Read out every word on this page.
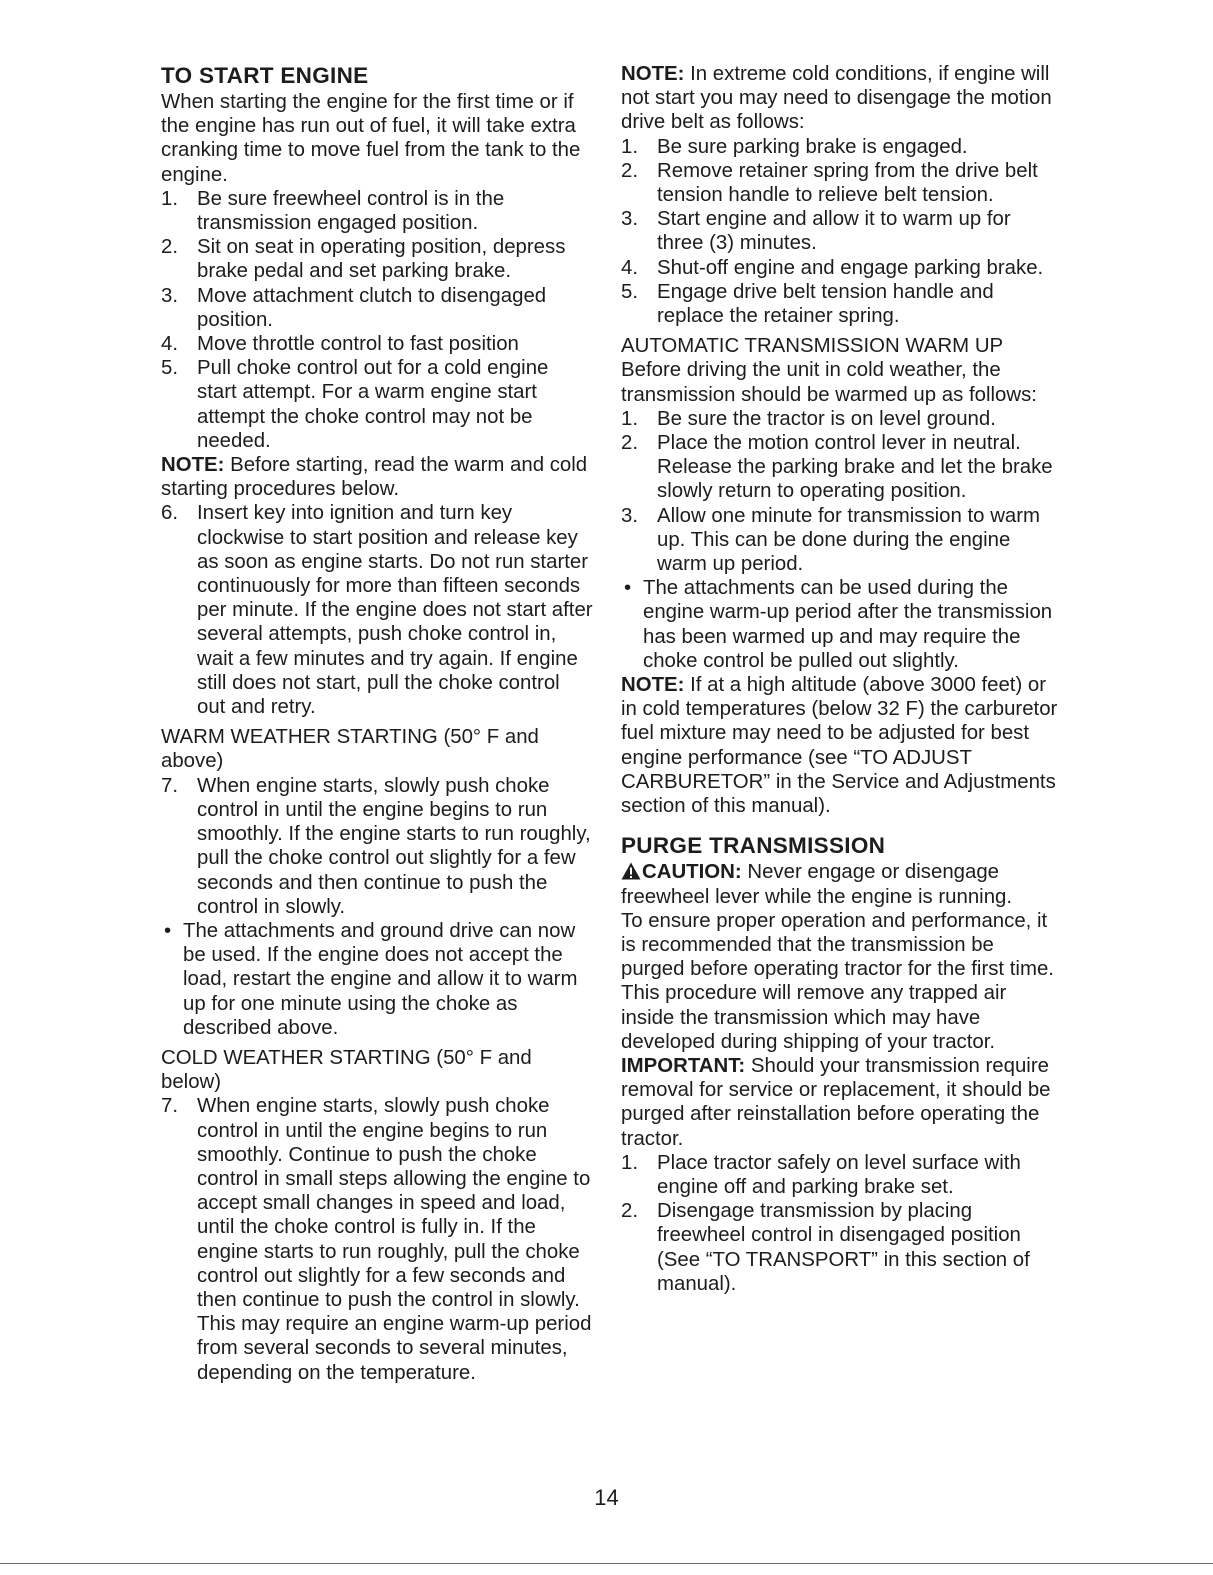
TO START ENGINE

When starting the engine for the first time or if the engine has run out of fuel, it will take extra cranking time to move fuel from the tank to the engine.

1. Be sure freewheel control is in the transmission engaged position.
2. Sit on seat in operating position, depress brake pedal and set parking brake.
3. Move attachment clutch to disengaged position.
4. Move throttle control to fast position
5. Pull choke control out for a cold engine start attempt. For a warm engine start attempt the choke control may not be needed.

NOTE: Before starting, read the warm and cold starting procedures below.

6. Insert key into ignition and turn key clockwise to start position and release key as soon as engine starts. Do not run starter continuously for more than fifteen seconds per minute. If the engine does not start after several attempts, push choke control in, wait a few minutes and try again. If engine still does not start, pull the choke control out and retry.

WARM WEATHER STARTING (50° F and above)

7. When engine starts, slowly push choke control in until the engine begins to run smoothly. If the engine starts to run roughly, pull the choke control out slightly for a few seconds and then continue to push the control in slowly.
• The attachments and ground drive can now be used. If the engine does not accept the load, restart the engine and allow it to warm up for one minute using the choke as described above.

COLD WEATHER STARTING (50° F and below)

7. When engine starts, slowly push choke control in until the engine begins to run smoothly. Continue to push the choke control in small steps allowing the engine to accept small changes in speed and load, until the choke control is fully in. If the engine starts to run roughly, pull the choke control out slightly for a few seconds and then continue to push the control in slowly. This may require an engine warm-up period from several seconds to several minutes, depending on the temperature.

NOTE: In extreme cold conditions, if engine will not start you may need to disengage the motion drive belt as follows:

1. Be sure parking brake is engaged.
2. Remove retainer spring from the drive belt tension handle to relieve belt tension.
3. Start engine and allow it to warm up for three (3) minutes.
4. Shut-off engine and engage parking brake.
5. Engage drive belt tension handle and replace the retainer spring.

AUTOMATIC TRANSMISSION WARM UP

Before driving the unit in cold weather, the transmission should be warmed up as follows:

1. Be sure the tractor is on level ground.
2. Place the motion control lever in neutral. Release the parking brake and let the brake slowly return to operating position.
3. Allow one minute for transmission to warm up. This can be done during the engine warm up period.
• The attachments can be used during the engine warm-up period after the transmission has been warmed up and may require the choke control be pulled out slightly.

NOTE: If at a high altitude (above 3000 feet) or in cold temperatures (below 32 F) the carburetor fuel mixture may need to be adjusted for best engine performance (see “TO ADJUST CARBURETOR” in the Service and Adjustments section of this manual).

PURGE TRANSMISSION

CAUTION: Never engage or disengage freewheel lever while the engine is running.

To ensure proper operation and performance, it is recommended that the transmission be purged before operating tractor for the first time. This procedure will remove any trapped air inside the transmission which may have developed during shipping of your tractor.

IMPORTANT: Should your transmission require removal for service or replacement, it should be purged after reinstallation before operating the tractor.

1. Place tractor safely on level surface with engine off and parking brake set.
2. Disengage transmission by placing freewheel control in disengaged position (See “TO TRANSPORT” in this section of manual).
14
